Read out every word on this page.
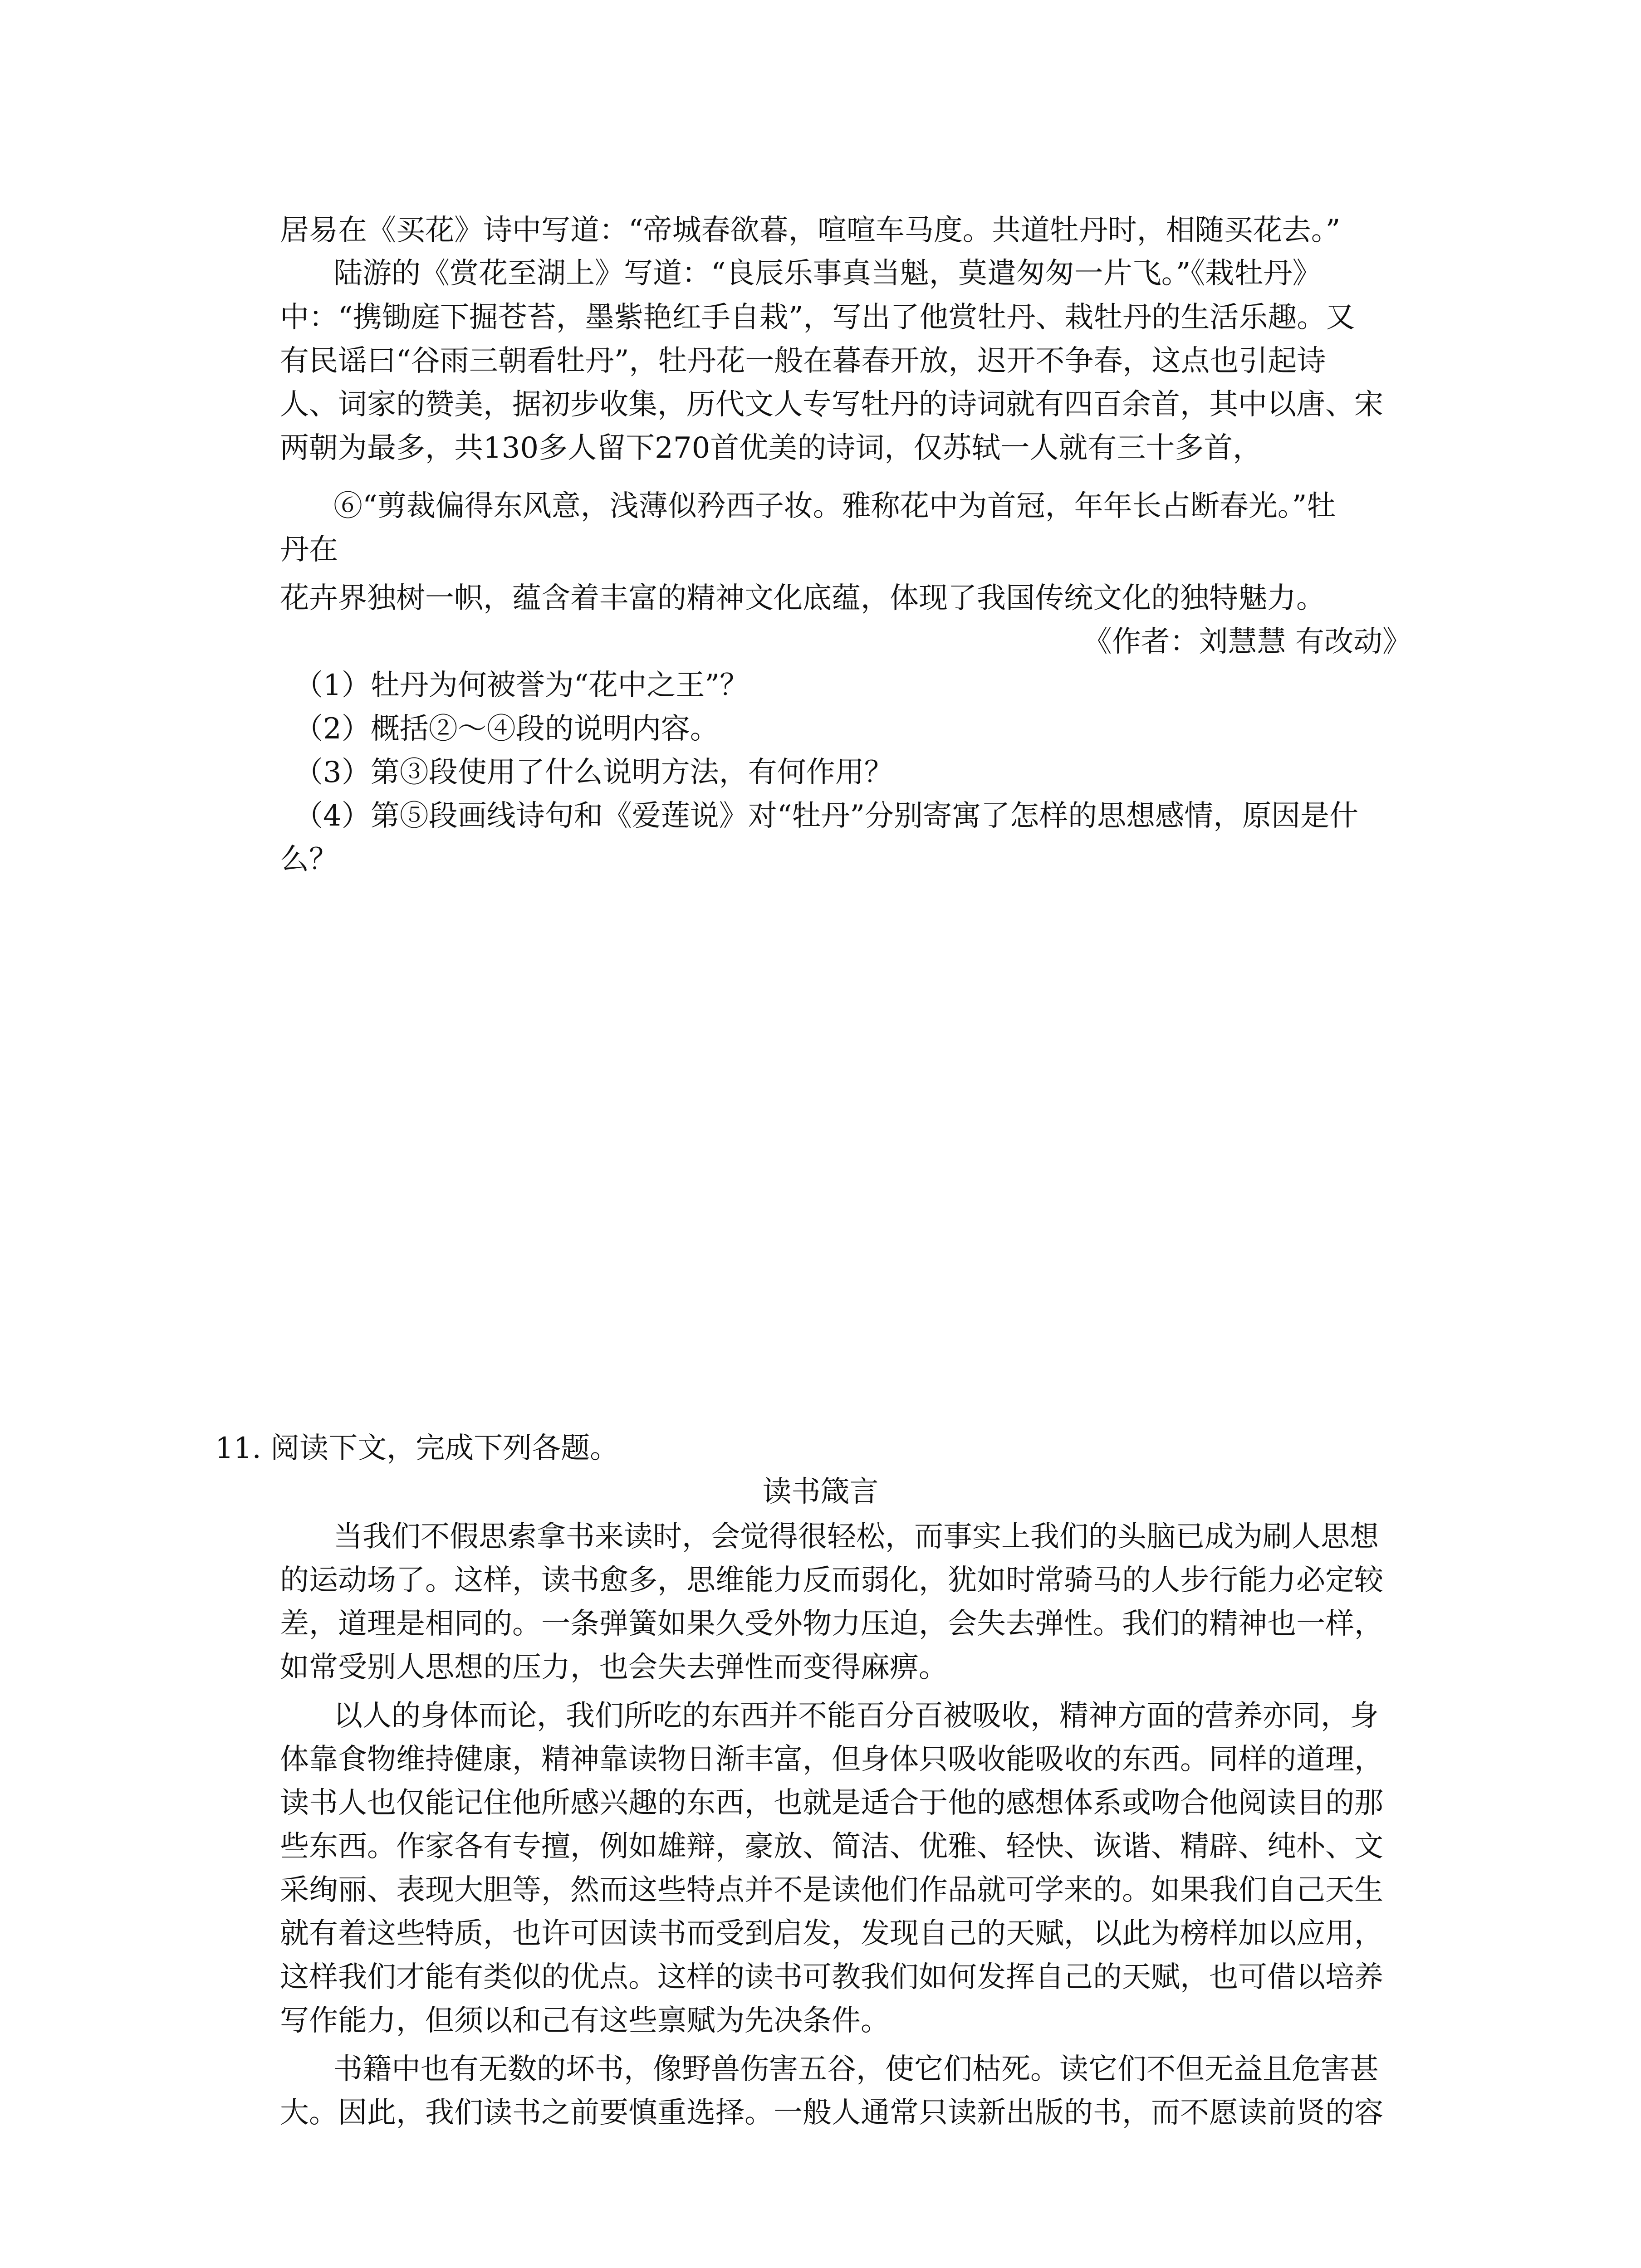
居易在《买花》诗中写道：“帝城春欲暮，喧喧车马度。共道牡丹时，相随买花去。”
陆游的《赏花至湖上》写道：“良辰乐事真当魁，莫遣匆匆一片飞。”《栽牡丹》
中：“携锄庭下掘苍苔，墨紫艳红手自栽”，写出了他赏牡丹、栽牡丹的生活乐趣。又
有民谣曰“谷雨三朝看牡丹”，牡丹花一般在暮春开放，迟开不争春，这点也引起诗
人、词家的赞美，据初步收集，历代文人专写牡丹的诗词就有四百余首，其中以唐、宋
两朝为最多，共130多人留下270首优美的诗词，仅苏轼一人就有三十多首，
⑥“剪裁偏得东风意，浅薄似矜西子妆。雅称花中为首冠，年年长占断春光。”牡
丹在
花卉界独树一帜，蕴含着丰富的精神文化底蕴，体现了我国传统文化的独特魅力。
《作者：刘慧慧 有改动》
（1）牡丹为何被誉为“花中之王”？
（2）概括②～④段的说明内容。
（3）第③段使用了什么说明方法，有何作用？
（4）第⑤段画线诗句和《爱莲说》对“牡丹”分别寄寓了怎样的思想感情，原因是什
么？
11. 阅读下文，完成下列各题。
读书箴言
当我们不假思索拿书来读时，会觉得很轻松，而事实上我们的头脑已成为刷人思想
的运动场了。这样，读书愈多，思维能力反而弱化，犹如时常骑马的人步行能力必定较
差，道理是相同的。一条弹簧如果久受外物力压迫，会失去弹性。我们的精神也一样，
如常受别人思想的压力，也会失去弹性而变得麻痹。
以人的身体而论，我们所吃的东西并不能百分百被吸收，精神方面的营养亦同，身
体靠食物维持健康，精神靠读物日渐丰富，但身体只吸收能吸收的东西。同样的道理，
读书人也仅能记住他所感兴趣的东西，也就是适合于他的感想体系或吻合他阅读目的那
些东西。作家各有专擅，例如雄辩，豪放、简洁、优雅、轻快、诙谐、精辟、纯朴、文
采绚丽、表现大胆等，然而这些特点并不是读他们作品就可学来的。如果我们自己天生
就有着这些特质，也许可因读书而受到启发，发现自己的天赋，以此为榜样加以应用，
这样我们才能有类似的优点。这样的读书可教我们如何发挥自己的天赋，也可借以培养
写作能力，但须以和己有这些禀赋为先决条件。
书籍中也有无数的坏书，像野兽伤害五谷，使它们枯死。读它们不但无益且危害甚
大。因此，我们读书之前要慎重选择。一般人通常只读新出版的书，而不愿读前贤的容
